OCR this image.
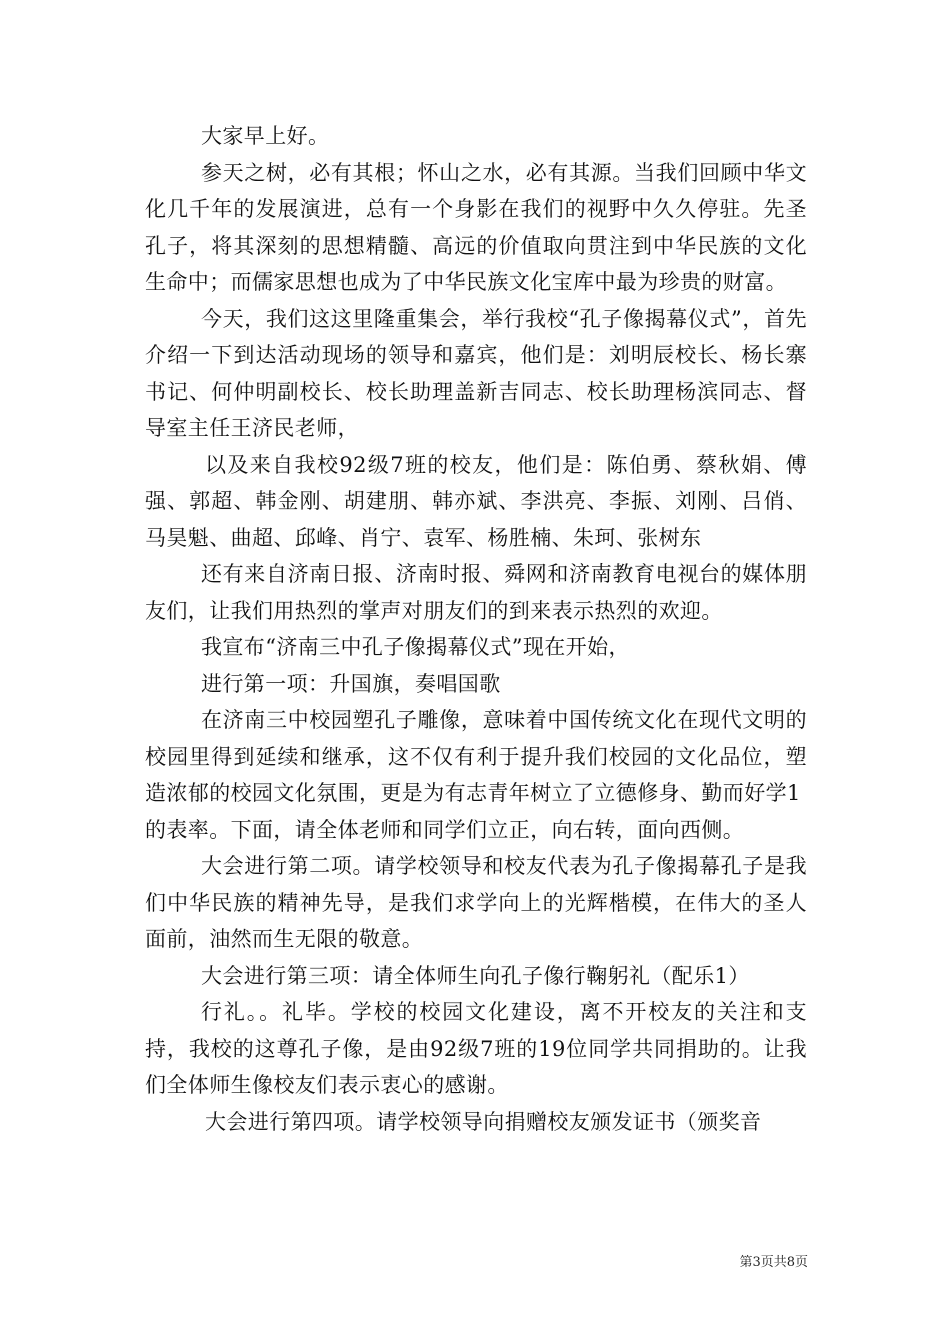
大家早上好。

参天之树，必有其根；怀山之水，必有其源。当我们回顾中华文化几千年的发展演进，总有一个身影在我们的视野中久久停驻。先圣孔子，将其深刻的思想精髓、高远的价值取向贯注到中华民族的文化生命中；而儒家思想也成为了中华民族文化宝库中最为珍贵的财富。

今天，我们这这里隆重集会，举行我校“孔子像揭幕仪式”，首先介绍一下到达活动现场的领导和嘉宾，他们是：刘明辰校长、杨长寨书记、何仲明副校长、校长助理盖新吉同志、校长助理杨滨同志、督导室主任王济民老师，

以及来自我校92级7班的校友，他们是：陈伯勇、蔡秋娟、傅强、郭超、韩金刚、胡建朋、韩亦斌、李洪亮、李振、刘刚、吕俏、马昊魁、曲超、邱峰、肖宁、袁军、杨胜楠、朱珂、张树东

还有来自济南日报、济南时报、舜网和济南教育电视台的媒体朋友们，让我们用热烈的掌声对朋友们的到来表示热烈的欢迎。

我宣布“济南三中孔子像揭幕仪式”现在开始，

进行第一项：升国旗，奏唱国歌

在济南三中校园塑孔子雕像，意味着中国传统文化在现代文明的校园里得到延续和继承，这不仅有利于提升我们校园的文化品位，塑造浓郁的校园文化氛围，更是为有志青年树立了立德修身、勤而好学1

的表率。下面，请全体老师和同学们立正，向右转，面向西侧。

大会进行第二项。请学校领导和校友代表为孔子像揭幕孔子是我们中华民族的精神先导，是我们求学向上的光辉楷模，在伟大的圣人面前，油然而生无限的敬意。

大会进行第三项：请全体师生向孔子像行鞠躬礼（配乐1）

行礼。。礼毕。学校的校园文化建设，离不开校友的关注和支持，我校的这尊孔子像，是由92级7班的19位同学共同捐助的。让我们全体师生像校友们表示衷心的感谢。

大会进行第四项。请学校领导向捐赠校友颁发证书（颁奖音

第3页共8页
